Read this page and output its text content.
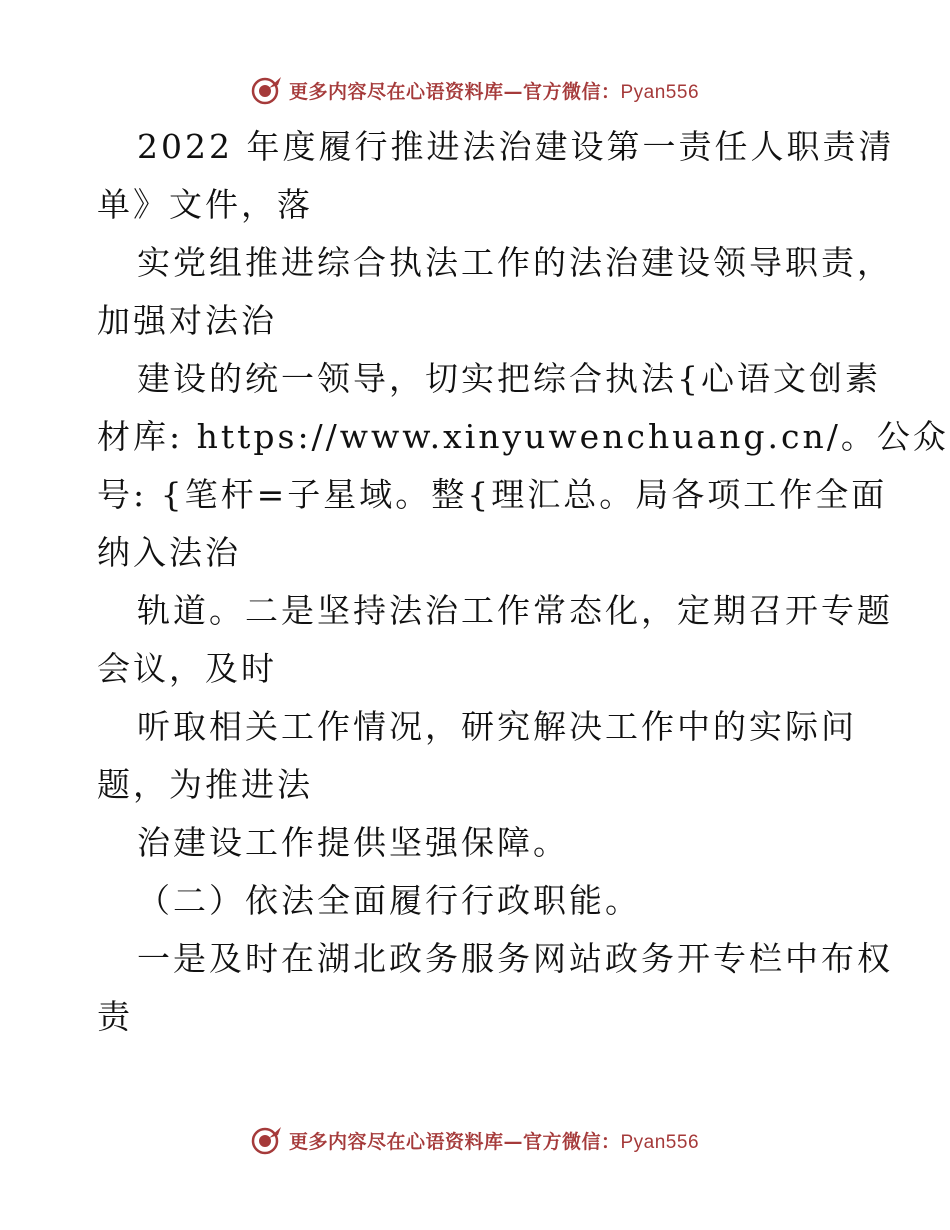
更多内容尽在心语资料库—官方微信：Pyan556
2022 年度履行推进法治建设第一责任人职责清
单》文件，落
实党组推进综合执法工作的法治建设领导职责，
加强对法治
建设的统一领导，切实把综合执法{心语文创素
材库: https://www.xinyuwenchuang.cn/。公众
号: {笔杆=子星域。整{理汇总。局各项工作全面
纳入法治
轨道。二是坚持法治工作常态化，定期召开专题
会议，及时
听取相关工作情况，研究解决工作中的实际问
题，为推进法
治建设工作提供坚强保障。
（二）依法全面履行行政职能。
一是及时在湖北政务服务网站政务开专栏中布权
责
更多内容尽在心语资料库—官方微信：Pyan556
